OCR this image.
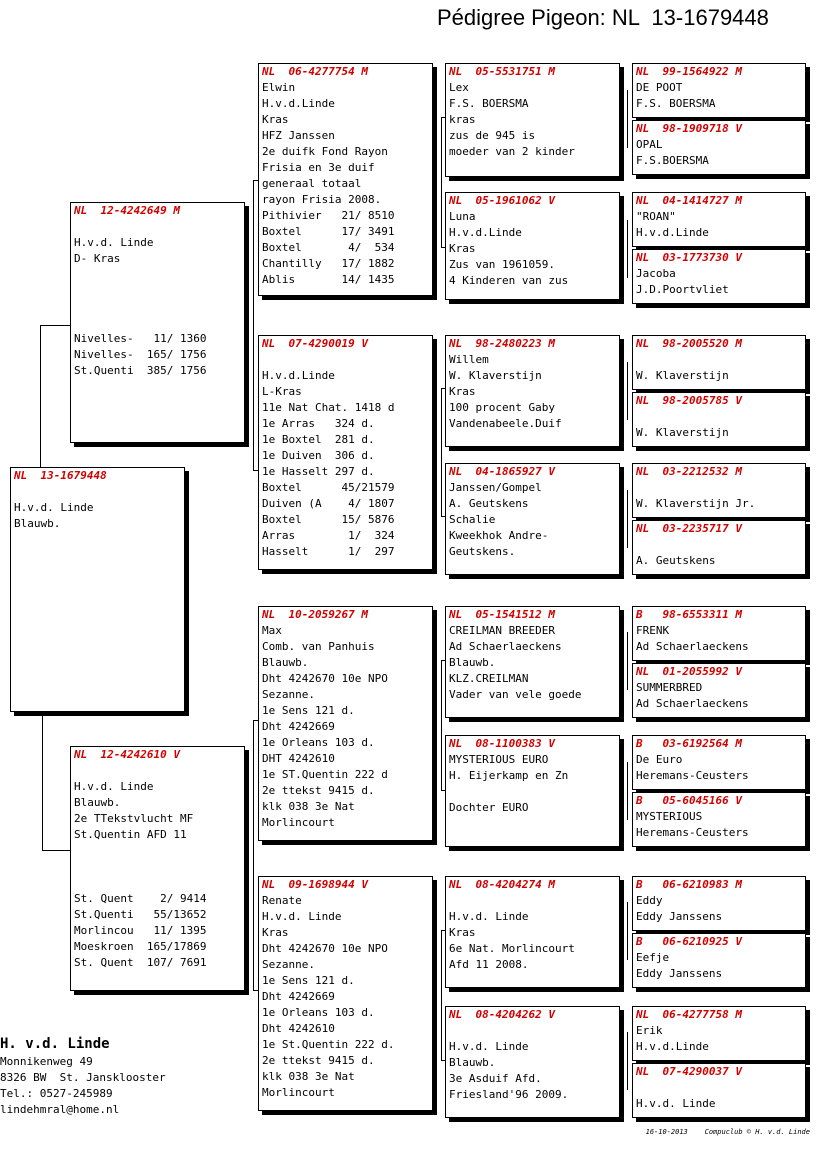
Pédigree Pigeon: NL  13-1679448
NL  13-1679448
H.v.d. Linde
Blauwb.
NL  12-4242649 M
H.v.d. Linde
D- Kras
Nivelles-   11/ 1360
Nivelles-  165/ 1756
St.Quenti  385/ 1756
NL  12-4242610 V
H.v.d. Linde
Blauwb.
2e TTekstvlucht MF
St.Quentin AFD 11
St. Quent    2/ 9414
St.Quenti   55/13652
Morlincou   11/ 1395
Moeskroen  165/17869
St. Quent  107/ 7691
NL  06-4277754 M
Elwin
H.v.d.Linde
Kras
HFZ Janssen
2e duifk Fond Rayon
Frisia en 3e duif
generaal totaal
rayon Frisia 2008.
Pithivier   21/ 8510
Boxtel      17/ 3491
Boxtel       4/  534
Chantilly   17/ 1882
Ablis       14/ 1435
NL  07-4290019 V
H.v.d.Linde
L-Kras
11e Nat Chat. 1418 d
1e Arras   324 d.
1e Boxtel  281 d.
1e Duiven  306 d.
1e Hasselt 297 d.
Boxtel      45/21579
Duiven (A    4/ 1807
Boxtel      15/ 5876
Arras        1/  324
Hasselt      1/  297
NL  10-2059267 M
Max
Comb. van Panhuis
Blauwb.
Dht 4242670 10e NPO
Sezanne.
1e Sens 121 d.
Dht 4242669
1e Orleans 103 d.
DHT 4242610
1e ST.Quentin 222 d
2e ttekst 9415 d.
klk 038 3e Nat
Morlincourt
NL  09-1698944 V
Renate
H.v.d. Linde
Kras
Dht 4242670 10e NPO
Sezanne.
1e Sens 121 d.
Dht 4242669
1e Orleans 103 d.
Dht 4242610
1e St.Quentin 222 d.
2e ttekst 9415 d.
klk 038 3e Nat
Morlincourt
NL  05-5531751 M
Lex
F.S. BOERSMA
kras
zus de 945 is
moeder van 2 kinder
NL  05-1961062 V
Luna
H.v.d.Linde
Kras
Zus van 1961059.
4 Kinderen van zus
NL  98-2480223 M
Willem
W. Klaverstijn
Kras
100 procent Gaby
Vandenabeele.Duif
NL  04-1865927 V
Janssen/Gompel
A. Geutskens
Schalie
Kweekhok Andre-
Geutskens.
NL  05-1541512 M
CREILMAN BREEDER
Ad Schaerlaeckens
Blauwb.
KLZ.CREILMAN
Vader van vele goede
NL  08-1100383 V
MYSTERIOUS EURO
H. Eijerkamp en Zn
Dochter EURO
NL  08-4204274 M
H.v.d. Linde
Kras
6e Nat. Morlincourt
Afd 11 2008.
NL  08-4204262 V
H.v.d. Linde
Blauwb.
3e Asduif Afd.
Friesland'96 2009.
NL  99-1564922 M
DE POOT
F.S. BOERSMA
NL  98-1909718 V
OPAL
F.S.BOERSMA
NL  04-1414727 M
"ROAN"
H.v.d.Linde
NL  03-1773730 V
Jacoba
J.D.Poortvliet
NL  98-2005520 M
W. Klaverstijn
NL  98-2005785 V
W. Klaverstijn
NL  03-2212532 M
W. Klaverstijn Jr.
NL  03-2235717 V
A. Geutskens
B   98-6553311 M
FRENK
Ad Schaerlaeckens
NL  01-2055992 V
SUMMERBRED
Ad Schaerlaeckens
B   03-6192564 M
De Euro
Heremans-Ceusters
B   05-6045166 V
MYSTERIOUS
Heremans-Ceusters
B   06-6210983 M
Eddy
Eddy Janssens
B   06-6210925 V
Eefje
Eddy Janssens
NL  06-4277758 M
Erik
H.v.d.Linde
NL  07-4290037 V
H.v.d. Linde
H. v.d. Linde
Monnikenweg 49
8326 BW  St. Jansklooster
Tel.: 0527-245989
lindehmral@home.nl
16-10-2013    Compuclub © H. v.d. Linde
